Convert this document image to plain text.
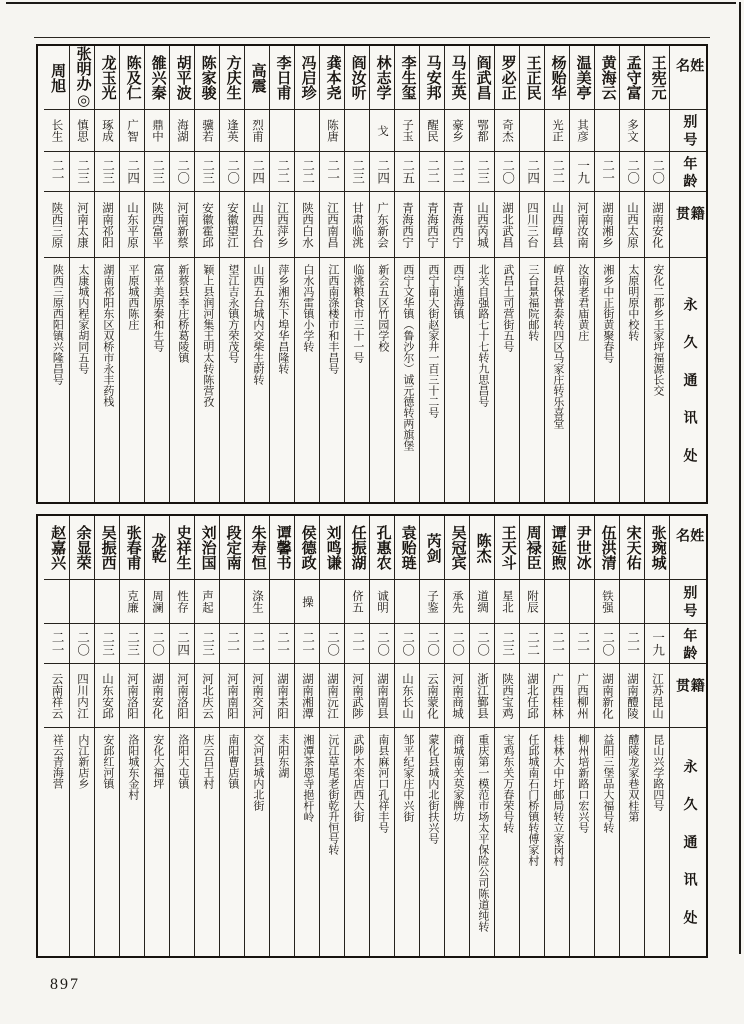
姓名
别号
年龄
籍贯
永久通讯处
王宪元
二〇
湖南安化
安化二都乡王家坪福源长交
孟守富
多文
二〇
山西太原
太原明原中校转
黄海云
二一
湖南湘乡
湘乡中正街黄聚春号
温美亭
其彦
一九
河南汝南
汝南老君庙黄庄
杨贻华
光正
二二
山西崞县
崞县保普泰转四区马家庄转乐喜堂
王正民
二四
四川三台
三台景福院邮转
罗必正
奇杰
二〇
湖北武昌
武昌土司营街五号
阎武昌
鄂都
二三
山西芮城
北关自强路七十七转九思昌号
马生英
豪乡
二二
青海西宁
西宁通海镇
马安邦
醒民
二二
青海西宁
西宁南大街赵家井一百三十二号
李生玺
子玉
二五
青海西宁
西宁文华镇︵鲁沙尔︶诚元德转两旗堡
林志学
戈
二四
广东新会
新会五区竹园学校
阎汝听
二三
甘肃临洮
临洮粮食市三十一号
龚本尧
陈唐
二一
江西南昌
江西南涤楼市和丰昌号
冯启珍
二二
陕西白水
白水冯雷镇小学转
李日甫
二二
江西萍乡
萍乡湘东下埠华昌隆转
高震
烈甫
二四
山西五台
山西五台城内交柴生蔚转
方庆生
逢英
二〇
安徽望江
望江吉永镇方荣茂号
陈家骏
骥若
二三
安徽霍邱
颖上县润河集王明太转陈营孜
胡平波
海湖
二〇
河南新蔡
新蔡县李庄桥葛陵镇
雒兴秦
鼎中
二三
陕西富平
富平美原秦和生号
陈及仁
广智
二四
山东平原
平原城西陈庄
龙玉光
琢成
二三
湖南祁阳
湖南祁阳东区双桥市永丰药栈
张明办◎
慎思
二三
河南太康
太康城内程家胡同五号
周旭
长生
二一
陕西三原
陕西三原西阳镇兴隆昌号
姓名
别号
年龄
籍贯
永久通讯处
张琬城
一九
江苏昆山
昆山兴学路四号
宋天佑
二一
湖南醴陵
醴陵龙家巷双桂第
伍洪清
铁强
二〇
湖南新化
益阳三堡品大福号转
尹世冰
二一
广西柳州
柳州培新路口宏兴号
谭延煦
二一
广西桂林
桂林大中圩邮局转立家岗村
周禄臣
附辰
二二
湖北任邱
任邱城南石门桥镇转傅家村
王天斗
星北
二三
陕西宝鸡
宝鸡东关万春荣号转
陈杰
道绸
二〇
浙江鄞县
重庆第一模范市场太平保险公司陈道纯转
吴冠宾
承先
二〇
河南商城
商城南关莫家牌坊
芮剑
子鉴
二〇
云南蒙化
蒙化县城内北街扶兴号
袁贻琏
二〇
山东长山
邹平纪家庄中兴街
孔惠农
诚明
二〇
湖南南县
南县麻河口孔祥丰号
任振湖
侪五
二一
河南武陟
武陟木栾店西大街
刘鸣谦
二〇
湖南沅江
沅江草尾老街乾升恒号转
侯德政
操
二一
湖南湘潭
湘潭茶恩寺挹杆岭
谭馨书
二一
湖南耒阳
耒阳东湖
朱寿恒
涤生
二一
河南交河
交河县城内北街
段定南
二一
河南南阳
南阳曹店镇
刘治国
声起
二三
河北庆云
庆云吕王村
史祥生
性存
二四
河南洛阳
洛阳大屯镇
龙乾
周澜
二〇
湖南安化
安化大福坪
张春甫
克廉
二三
河南洛阳
洛阳城东金村
吴振西
二三
山东安邱
安邱红河镇
余显荣
二〇
四川内江
内江新店乡
赵嘉兴
二一
云南祥云
祥云青海营
897
